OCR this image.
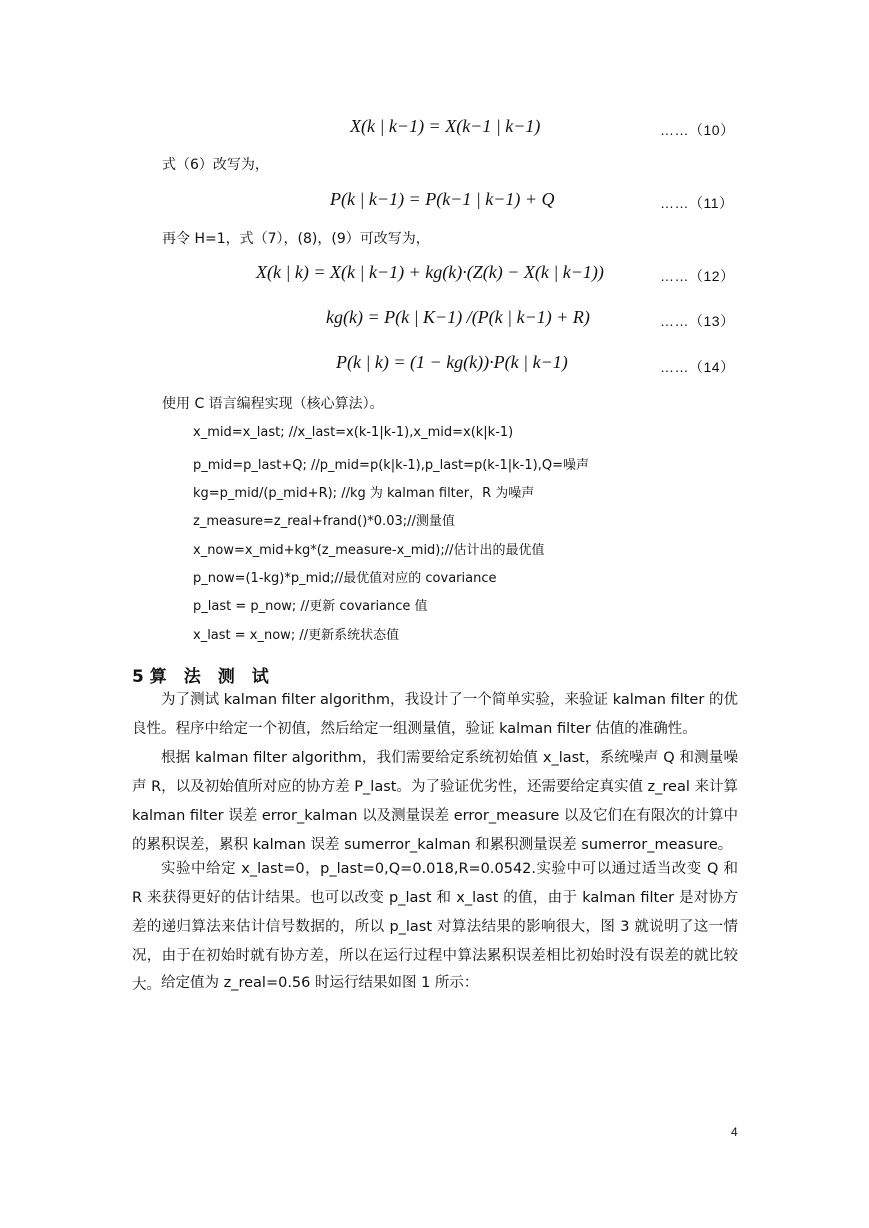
X(k | k−1) = X(k−1 | k−1)	……（10）
式（6）改写为，
P(k | k−1) = P(k−1 | k−1) + Q	……（11）
再令 H=1，式（7），(8)，(9）可改写为，
X(k | k) = X(k | k−1) + kg(k)·(Z(k) − X(k | k−1))	……（12）
kg(k) = P(k | K−1) /(P(k | k−1) + R)	……（13）
P(k | k) = (1 − kg(k))·P(k | k−1)	……（14）
使用 C 语言编程实现（核心算法）。
x_mid=x_last; //x_last=x(k-1|k-1),x_mid=x(k|k-1)
p_mid=p_last+Q; //p_mid=p(k|k-1),p_last=p(k-1|k-1),Q=噪声
kg=p_mid/(p_mid+R); //kg 为 kalman filter，R 为噪声
z_measure=z_real+frand()*0.03;//测量值
x_now=x_mid+kg*(z_measure-x_mid);//估计出的最优值
p_now=(1-kg)*p_mid;//最优值对应的 covariance
p_last = p_now; //更新 covariance 值
x_last = x_now; //更新系统状态值
5 算　法　测　试
为了测试 kalman filter algorithm，我设计了一个简单实验，来验证 kalman filter 的优良性。程序中给定一个初值，然后给定一组测量值，验证 kalman filter 估值的准确性。
根据 kalman filter algorithm，我们需要给定系统初始值 x_last，系统噪声 Q 和测量噪声 R，以及初始值所对应的协方差 P_last。为了验证优劣性，还需要给定真实值 z_real 来计算 kalman filter 误差 error_kalman 以及测量误差 error_measure 以及它们在有限次的计算中的累积误差，累积 kalman 误差 sumerror_kalman 和累积测量误差 sumerror_measure。
实验中给定 x_last=0，p_last=0,Q=0.018,R=0.0542.实验中可以通过适当改变 Q 和 R 来获得更好的估计结果。也可以改变 p_last 和 x_last 的值，由于 kalman filter 是对协方差的递归算法来估计信号数据的，所以 p_last 对算法结果的影响很大，图 3 就说明了这一情况，由于在初始时就有协方差，所以在运行过程中算法累积误差相比初始时没有误差的就比较大。 给定值为 z_real=0.56 时运行结果如图 1 所示：
4
